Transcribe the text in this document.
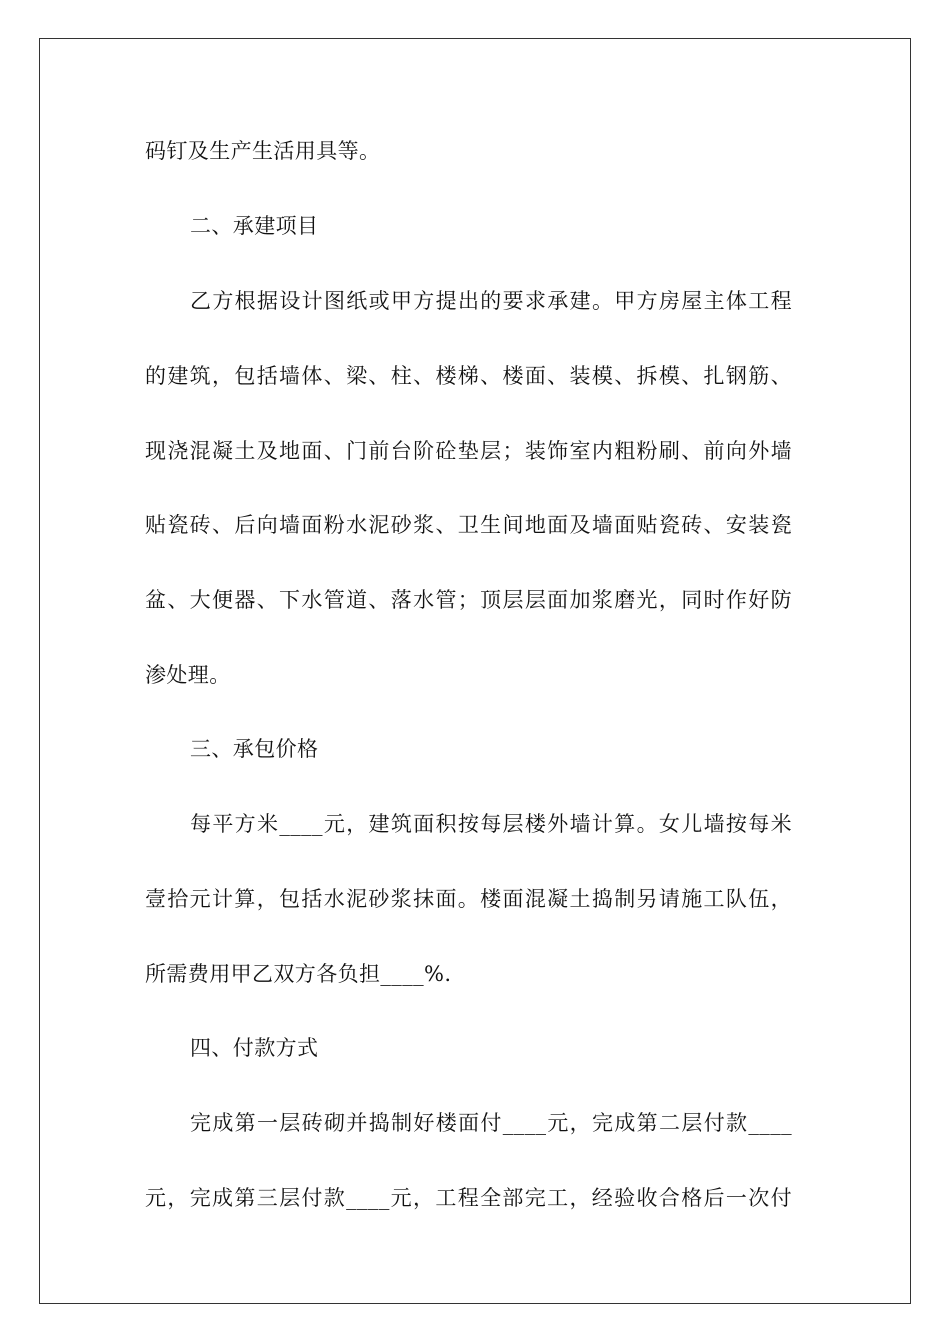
码钉及生产生活用具等。
二、承建项目
乙方根据设计图纸或甲方提出的要求承建。甲方房屋主体工程
的建筑，包括墙体、梁、柱、楼梯、楼面、装模、拆模、扎钢筋、
现浇混凝土及地面、门前台阶砼垫层；装饰室内粗粉刷、前向外墙
贴瓷砖、后向墙面粉水泥砂浆、卫生间地面及墙面贴瓷砖、安装瓷
盆、大便器、下水管道、落水管；顶层层面加浆磨光，同时作好防
渗处理。
三、承包价格
每平方米____元，建筑面积按每层楼外墙计算。女儿墙按每米
壹拾元计算，包括水泥砂浆抹面。楼面混凝土捣制另请施工队伍，
所需费用甲乙双方各负担____%.
四、付款方式
完成第一层砖砌并捣制好楼面付____元，完成第二层付款____
元，完成第三层付款____元，工程全部完工，经验收合格后一次付
